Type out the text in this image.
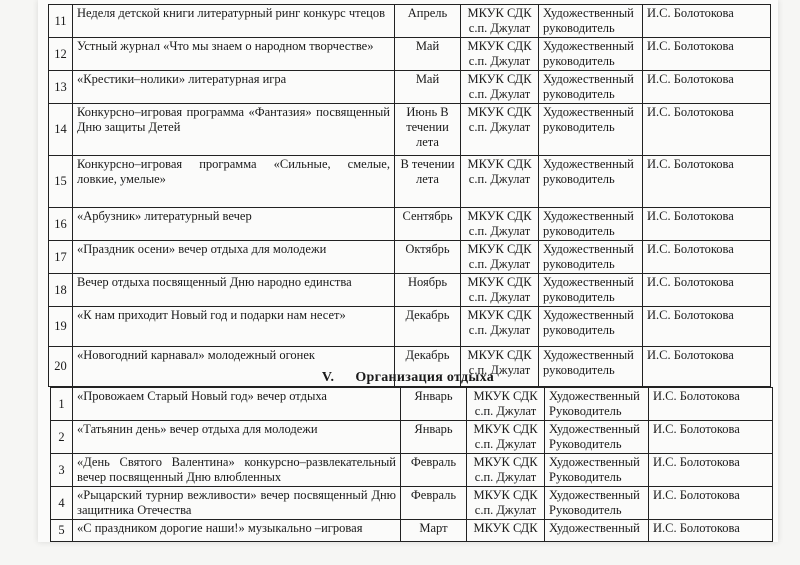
11	Неделя детской книги литературный ринг конкурс чтецов	Апрель	МКУК СДК с.п. Джулат	Художественный руководитель	И.С. Болотокова
12	Устный журнал «Что мы знаем о народном творчестве»	Май	МКУК СДК с.п. Джулат	Художественный руководитель	И.С. Болотокова
13	«Крестики–нолики» литературная игра	Май	МКУК СДК с.п. Джулат	Художественный руководитель	И.С. Болотокова
14	Конкурсно–игровая программа «Фантазия» посвященный Дню защиты Детей	Июнь В течении лета	МКУК СДК с.п. Джулат	Художественный руководитель	И.С. Болотокова
15	Конкурсно–игровая программа «Сильные, смелые, ловкие, умелые»	В течении лета	МКУК СДК с.п. Джулат	Художественный руководитель	И.С. Болотокова
16	«Арбузник» литературный вечер	Сентябрь	МКУК СДК с.п. Джулат	Художественный руководитель	И.С. Болотокова
17	«Праздник осени» вечер отдыха для молодежи	Октябрь	МКУК СДК с.п. Джулат	Художественный руководитель	И.С. Болотокова
18	Вечер отдыха посвященный Дню народно единства	Ноябрь	МКУК СДК с.п. Джулат	Художественный руководитель	И.С. Болотокова
19	«К нам приходит Новый год и подарки нам несет»	Декабрь	МКУК СДК с.п. Джулат	Художественный руководитель	И.С. Болотокова
20	«Новогодний карнавал» молодежный огонек	Декабрь	МКУК СДК с.п. Джулат	Художественный руководитель	И.С. Болотокова
V. Организация отдыха
1	«Провожаем Старый Новый год» вечер отдыха	Январь	МКУК СДК с.п. Джулат	Художественный Руководитель	И.С. Болотокова
2	«Татьянин день» вечер отдыха для молодежи	Январь	МКУК СДК с.п. Джулат	Художественный Руководитель	И.С. Болотокова
3	«День Святого Валентина» конкурсно–развлекательный вечер посвященный Дню влюбленных	Февраль	МКУК СДК с.п. Джулат	Художественный Руководитель	И.С. Болотокова
4	«Рыцарский турнир вежливости» вечер посвященный Дню защитника Отечества	Февраль	МКУК СДК с.п. Джулат	Художественный Руководитель	И.С. Болотокова
5	«С праздником дорогие наши!» музыкально –игровая	Март	МКУК СДК	Художественный	И.С. Болотокова
